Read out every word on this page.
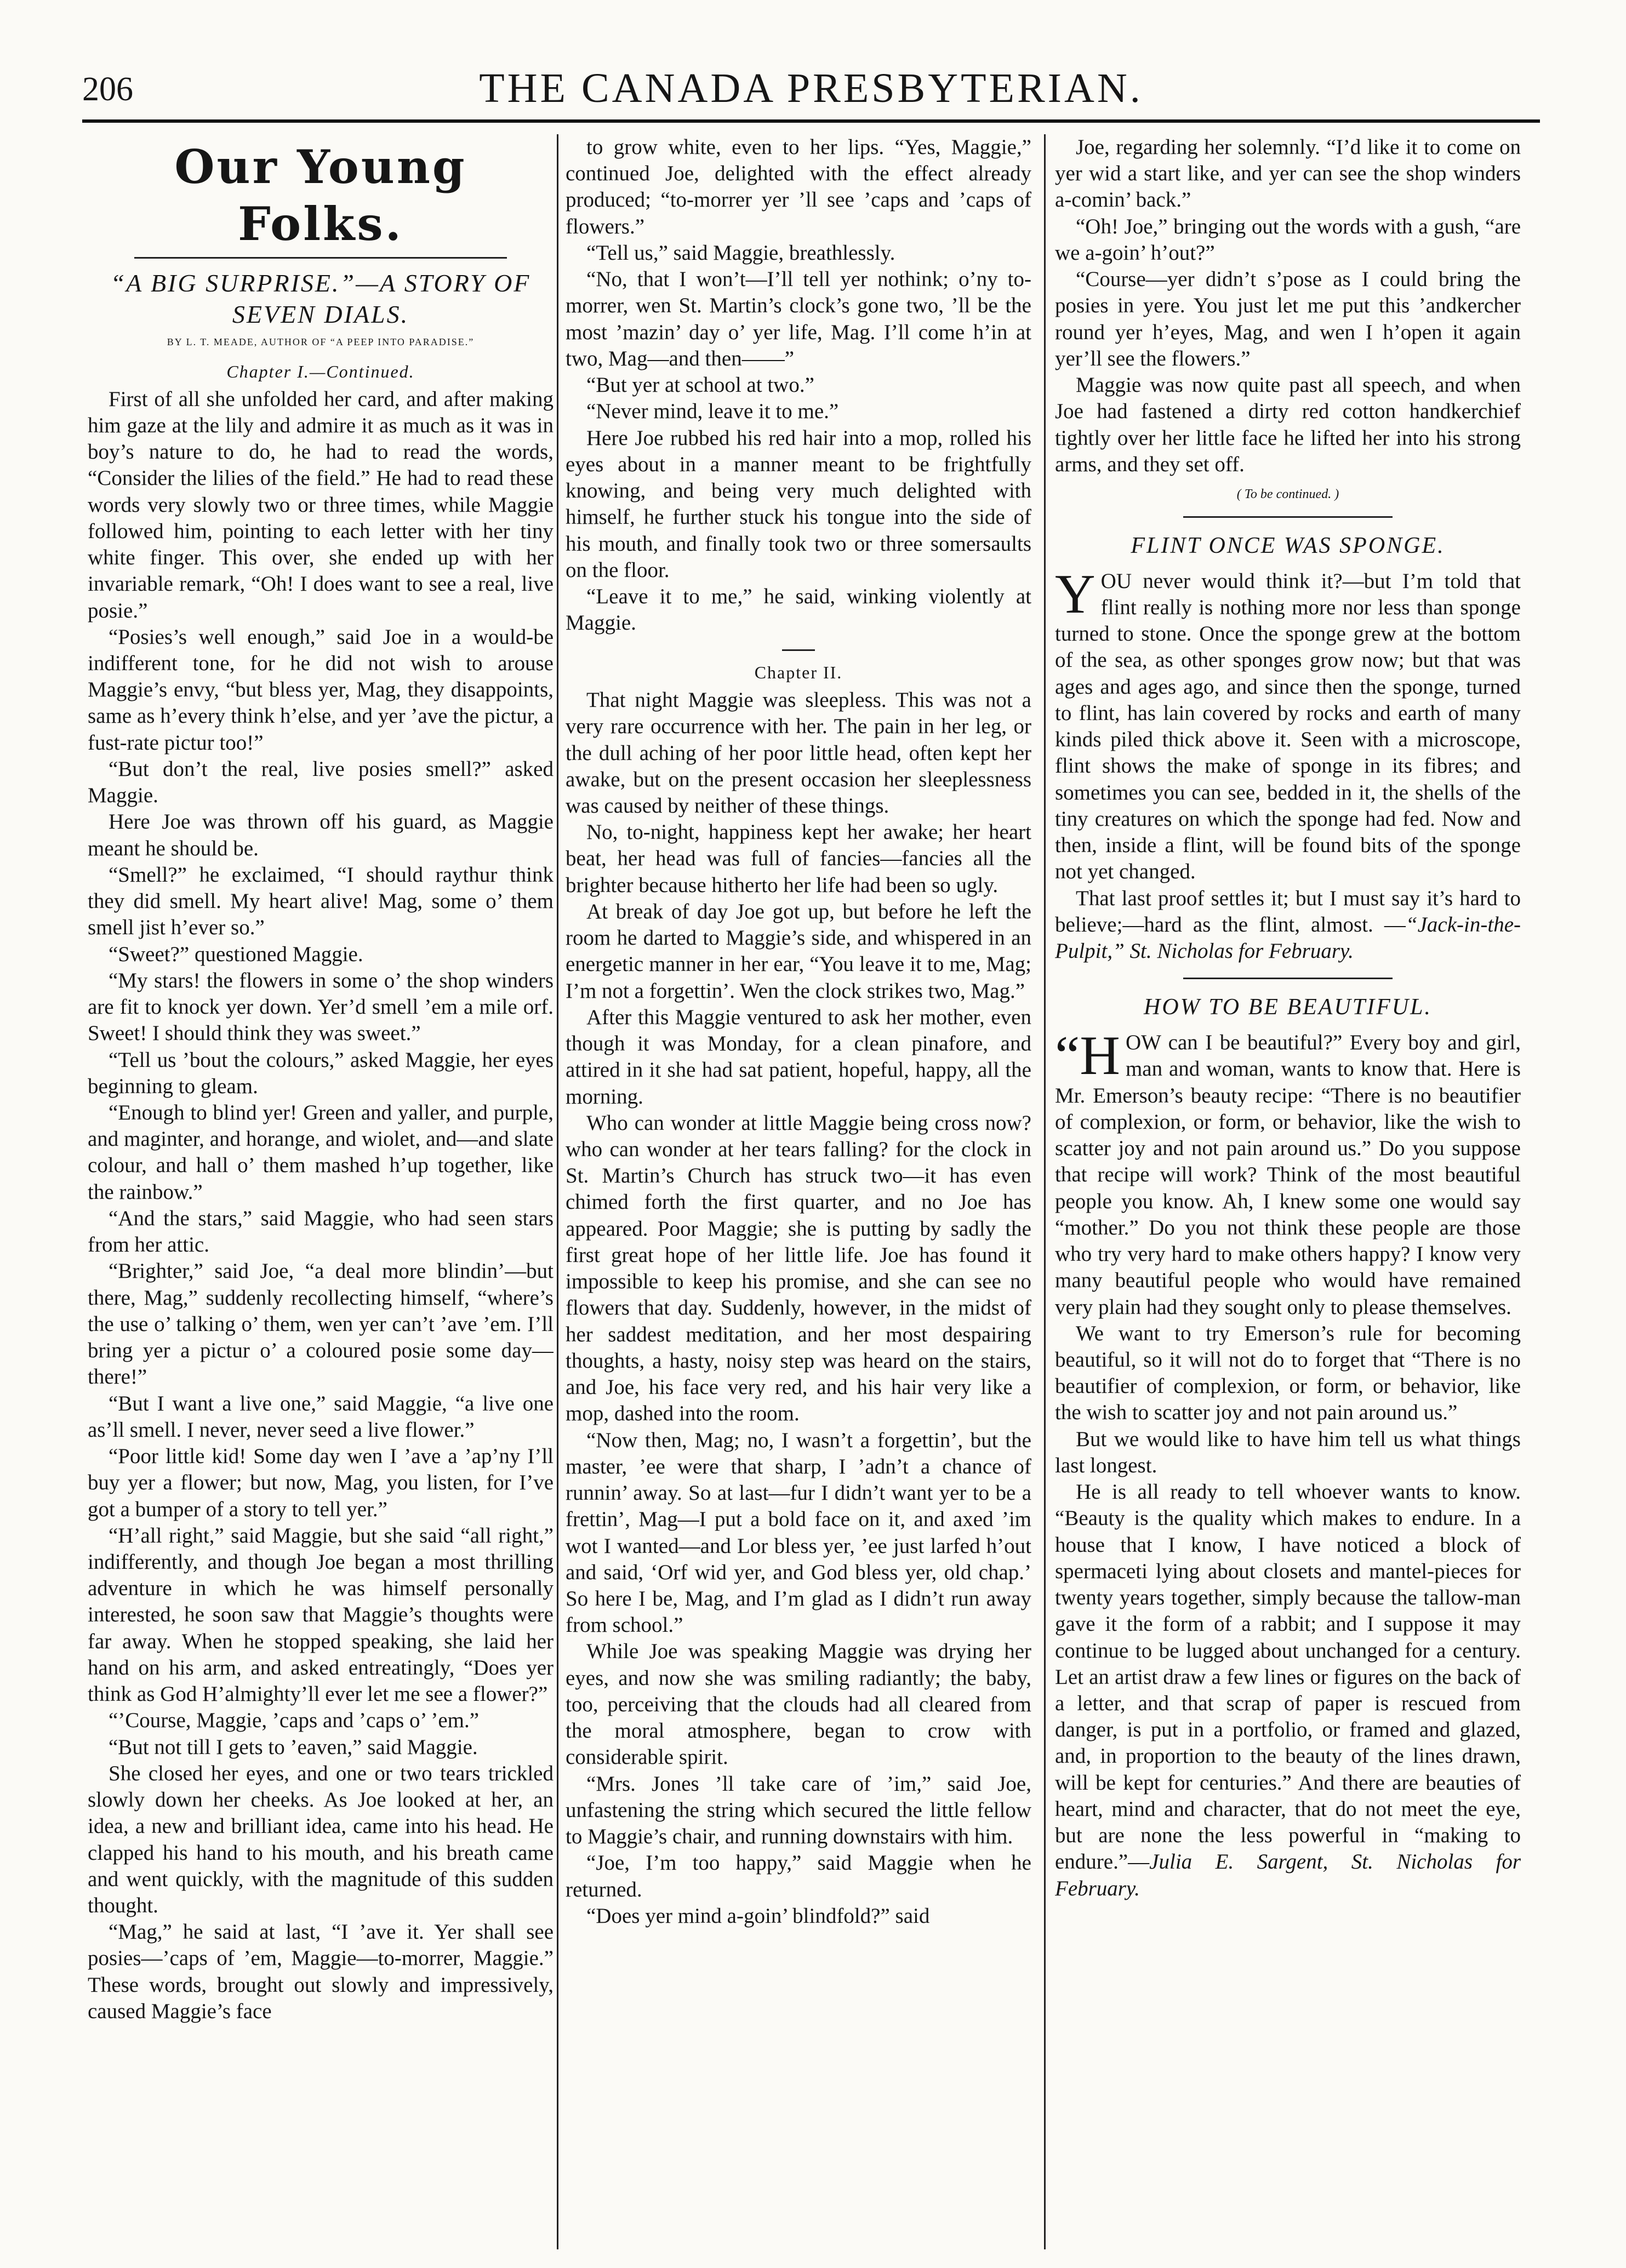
206	THE CANADA PRESBYTERIAN.
Our Young Folks.
“A BIG SURPRISE.”—A STORY OF SEVEN DIALS.
BY L. T. MEADE, AUTHOR OF “A PEEP INTO PARADISE.”
Chapter I.—Continued.

First of all she unfolded her card, and after making him gaze at the lily and admire it as much as it was in boy’s nature to do, he had to read the words, “Consider the lilies of the field.” He had to read these words very slowly two or three times, while Maggie followed him, pointing to each letter with her tiny white finger. This over, she ended up with her invariable remark, “Oh! I does want to see a real, live posie.”

“Posies’s well enough,” said Joe in a would-be indifferent tone, for he did not wish to arouse Maggie’s envy, “but bless yer, Mag, they disappoints, same as h’every think h’else, and yer ’ave the pictur, a fust-rate pictur too!”

“But don’t the real, live posies smell?” asked Maggie.

Here Joe was thrown off his guard, as Maggie meant he should be.

“Smell?” he exclaimed, “I should raythur think they did smell. My heart alive! Mag, some o’ them smell jist h’ever so.”

“Sweet?” questioned Maggie.

“My stars! the flowers in some o’ the shop winders are fit to knock yer down. Yer’d smell ’em a mile orf. Sweet! I should think they was sweet.”

“Tell us ’bout the colours,” asked Maggie, her eyes beginning to gleam.

“Enough to blind yer! Green and yaller, and purple, and maginter, and horange, and wiolet, and—and slate colour, and hall o’ them mashed h’up together, like the rainbow.”

“And the stars,” said Maggie, who had seen stars from her attic.

“Brighter,” said Joe, “a deal more blindin’—but there, Mag,” suddenly recollecting himself, “where’s the use o’ talking o’ them, wen yer can’t ’ave ’em. I’ll bring yer a pictur o’ a coloured posie some day—there!”

“But I want a live one,” said Maggie, “a live one as’ll smell. I never, never seed a live flower.”

“Poor little kid! Some day wen I ’ave a ’ap’ny I’ll buy yer a flower; but now, Mag, you listen, for I’ve got a bumper of a story to tell yer.”

“H’all right,” said Maggie, but she said “all right,” indifferently, and though Joe began a most thrilling adventure in which he was himself personally interested, he soon saw that Maggie’s thoughts were far away. When he stopped speaking, she laid her hand on his arm, and asked entreatingly, “Does yer think as God H’almighty’ll ever let me see a flower?”

“’Course, Maggie, ’caps and ’caps o’ ’em.”

“But not till I gets to ’eaven,” said Maggie.

She closed her eyes, and one or two tears trickled slowly down her cheeks. As Joe looked at her, an idea, a new and brilliant idea, came into his head. He clapped his hand to his mouth, and his breath came and went quickly, with the magnitude of this sudden thought.

“Mag,” he said at last, “I ’ave it. Yer shall see posies—’caps of ’em, Maggie—to-morrer, Maggie.” These words, brought out slowly and impressively, caused Maggie’s face

to grow white, even to her lips. “Yes, Maggie,” continued Joe, delighted with the effect already produced; “to-morrer yer ’ll see ’caps and ’caps of flowers.”

“Tell us,” said Maggie, breathlessly.

“No, that I won’t—I’ll tell yer nothink; o’ny to-morrer, wen St. Martin’s clock’s gone two, ’ll be the most ’mazin’ day o’ yer life, Mag. I’ll come h’in at two, Mag—and then——”

“But yer at school at two.”

“Never mind, leave it to me.”

Here Joe rubbed his red hair into a mop, rolled his eyes about in a manner meant to be frightfully knowing, and being very much delighted with himself, he further stuck his tongue into the side of his mouth, and finally took two or three somersaults on the floor.

“Leave it to me,” he said, winking violently at Maggie.

Chapter II.

That night Maggie was sleepless. This was not a very rare occurrence with her. The pain in her leg, or the dull aching of her poor little head, often kept her awake, but on the present occasion her sleeplessness was caused by neither of these things.

No, to-night, happiness kept her awake; her heart beat, her head was full of fancies—fancies all the brighter because hitherto her life had been so ugly.

At break of day Joe got up, but before he left the room he darted to Maggie’s side, and whispered in an energetic manner in her ear, “You leave it to me, Mag; I’m not a forgettin’. Wen the clock strikes two, Mag.”

After this Maggie ventured to ask her mother, even though it was Monday, for a clean pinafore, and attired in it she had sat patient, hopeful, happy, all the morning.

Who can wonder at little Maggie being cross now? who can wonder at her tears falling? for the clock in St. Martin’s Church has struck two—it has even chimed forth the first quarter, and no Joe has appeared. Poor Maggie; she is putting by sadly the first great hope of her little life. Joe has found it impossible to keep his promise, and she can see no flowers that day. Suddenly, however, in the midst of her saddest meditation, and her most despairing thoughts, a hasty, noisy step was heard on the stairs, and Joe, his face very red, and his hair very like a mop, dashed into the room.

“Now then, Mag; no, I wasn’t a forgettin’, but the master, ’ee were that sharp, I ’adn’t a chance of runnin’ away. So at last—fur I didn’t want yer to be a frettin’, Mag—I put a bold face on it, and axed ’im wot I wanted—and Lor bless yer, ’ee just larfed h’out and said, ‘Orf wid yer, and God bless yer, old chap.’ So here I be, Mag, and I’m glad as I didn’t run away from school.”

While Joe was speaking Maggie was drying her eyes, and now she was smiling radiantly; the baby, too, perceiving that the clouds had all cleared from the moral atmosphere, began to crow with considerable spirit.

“Mrs. Jones ’ll take care of ’im,” said Joe, unfastening the string which secured the little fellow to Maggie’s chair, and running downstairs with him.

“Joe, I’m too happy,” said Maggie when he returned.

“Does yer mind a-goin’ blindfold?” said

Joe, regarding her solemnly. “I’d like it to come on yer wid a start like, and yer can see the shop winders a-comin’ back.”

“Oh! Joe,” bringing out the words with a gush, “are we a-goin’ h’out?”

“Course—yer didn’t s’pose as I could bring the posies in yere. You just let me put this ’andkercher round yer h’eyes, Mag, and wen I h’open it again yer’ll see the flowers.”

Maggie was now quite past all speech, and when Joe had fastened a dirty red cotton handkerchief tightly over her little face he lifted her into his strong arms, and they set off.

( To be continued. )
FLINT ONCE WAS SPONGE.

YOU never would think it?—but I’m told that flint really is nothing more nor less than sponge turned to stone. Once the sponge grew at the bottom of the sea, as other sponges grow now; but that was ages and ages ago, and since then the sponge, turned to flint, has lain covered by rocks and earth of many kinds piled thick above it. Seen with a microscope, flint shows the make of sponge in its fibres; and sometimes you can see, bedded in it, the shells of the tiny creatures on which the sponge had fed. Now and then, inside a flint, will be found bits of the sponge not yet changed.

That last proof settles it; but I must say it’s hard to believe;—hard as the flint, almost. —“Jack-in-the-Pulpit,” St. Nicholas for February.

HOW TO BE BEAUTIFUL.

“HOW can I be beautiful?” Every boy and girl, man and woman, wants to know that. Here is Mr. Emerson’s beauty recipe: “There is no beautifier of complexion, or form, or behavior, like the wish to scatter joy and not pain around us.” Do you suppose that recipe will work? Think of the most beautiful people you know. Ah, I knew some one would say “mother.” Do you not think these people are those who try very hard to make others happy? I know very many beautiful people who would have remained very plain had they sought only to please themselves.

We want to try Emerson’s rule for becoming beautiful, so it will not do to forget that “There is no beautifier of complexion, or form, or behavior, like the wish to scatter joy and not pain around us.”

But we would like to have him tell us what things last longest.

He is all ready to tell whoever wants to know. “Beauty is the quality which makes to endure. In a house that I know, I have noticed a block of spermaceti lying about closets and mantel-pieces for twenty years together, simply because the tallow-man gave it the form of a rabbit; and I suppose it may continue to be lugged about unchanged for a century. Let an artist draw a few lines or figures on the back of a letter, and that scrap of paper is rescued from danger, is put in a portfolio, or framed and glazed, and, in proportion to the beauty of the lines drawn, will be kept for centuries.” And there are beauties of heart, mind and character, that do not meet the eye, but are none the less powerful in “making to endure.”—Julia E. Sargent, St. Nicholas for February.
